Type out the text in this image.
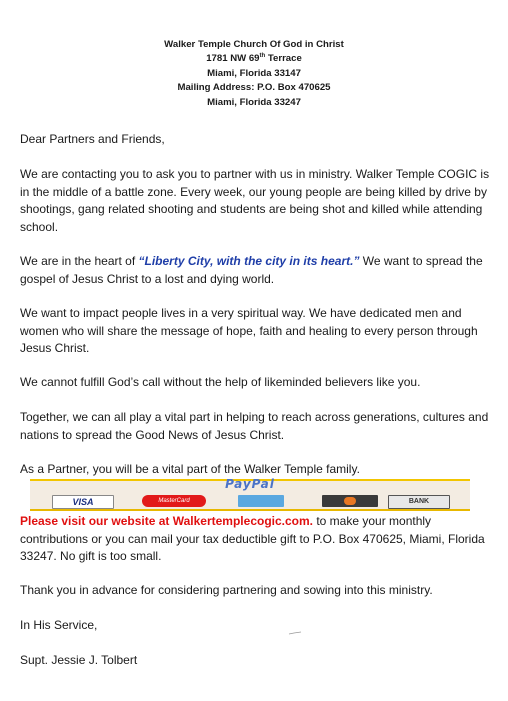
Walker Temple Church Of God in Christ
1781 NW 69th Terrace
Miami, Florida 33147
Mailing Address: P.O. Box 470625
Miami, Florida 33247

Dear Partners and Friends,

We are contacting you to ask you to partner with us in ministry. Walker Temple COGIC is in the middle of a battle zone. Every week, our young people are being killed by drive by shootings, gang related shooting and students are being shot and killed while attending school.

We are in the heart of “Liberty City, with the city in its heart.” We want to spread the gospel of Jesus Christ to a lost and dying world.

We want to impact people lives in a very spiritual way. We have dedicated men and women who will share the message of hope, faith and healing to every person through Jesus Christ.

We cannot fulfill God’s call without the help of likeminded believers like you.

Together, we can all play a vital part in helping to reach across generations, cultures and nations to spread the Good News of Jesus Christ.

As a Partner, you will be a vital part of the Walker Temple family.

PayPal
VISA	MasterCard	BANK

Please visit our website at Walkertemplecogic.com. to make your monthly contributions or you can mail your tax deductible gift to P.O. Box 470625, Miami, Florida 33247. No gift is too small.

Thank you in advance for considering partnering and sowing into this ministry.

In His Service,

Supt. Jessie J. Tolbert
